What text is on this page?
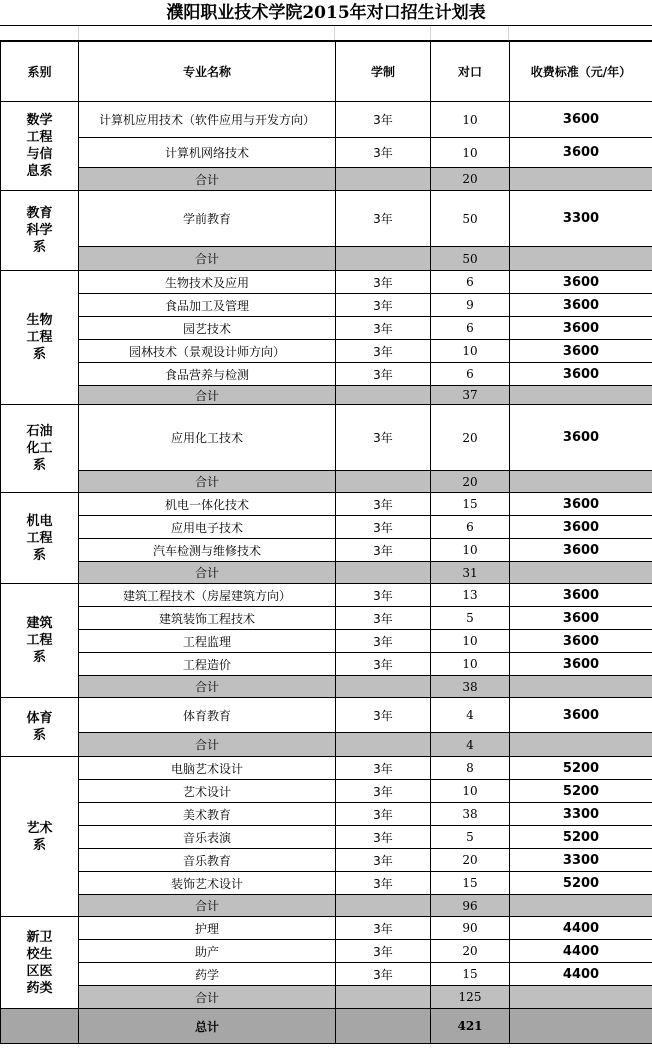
濮阳职业技术学院2015年对口招生计划表
系别	专业名称	学制	对口	收费标准（元/年）
数学工程与信息系	计算机应用技术（软件应用与开发方向）	3年	10	3600
	计算机网络技术	3年	10	3600
	合计		20	
教育科学系	学前教育	3年	50	3300
	合计		50	
生物工程系	生物技术及应用	3年	6	3600
	食品加工及管理	3年	9	3600
	园艺技术	3年	6	3600
	园林技术（景观设计师方向）	3年	10	3600
	食品营养与检测	3年	6	3600
	合计		37	
石油化工系	应用化工技术	3年	20	3600
	合计		20	
机电工程系	机电一体化技术	3年	15	3600
	应用电子技术	3年	6	3600
	汽车检测与维修技术	3年	10	3600
	合计		31	
建筑工程系	建筑工程技术（房屋建筑方向）	3年	13	3600
	建筑装饰工程技术	3年	5	3600
	工程监理	3年	10	3600
	工程造价	3年	10	3600
	合计		38	
体育系	体育教育	3年	4	3600
	合计		4	
艺术系	电脑艺术设计	3年	8	5200
	艺术设计	3年	10	5200
	美术教育	3年	38	3300
	音乐表演	3年	5	5200
	音乐教育	3年	20	3300
	装饰艺术设计	3年	15	5200
	合计		96	
新卫校生区医药类	护理	3年	90	4400
	助产	3年	20	4400
	药学	3年	15	4400
	合计		125	
	总计		421	
